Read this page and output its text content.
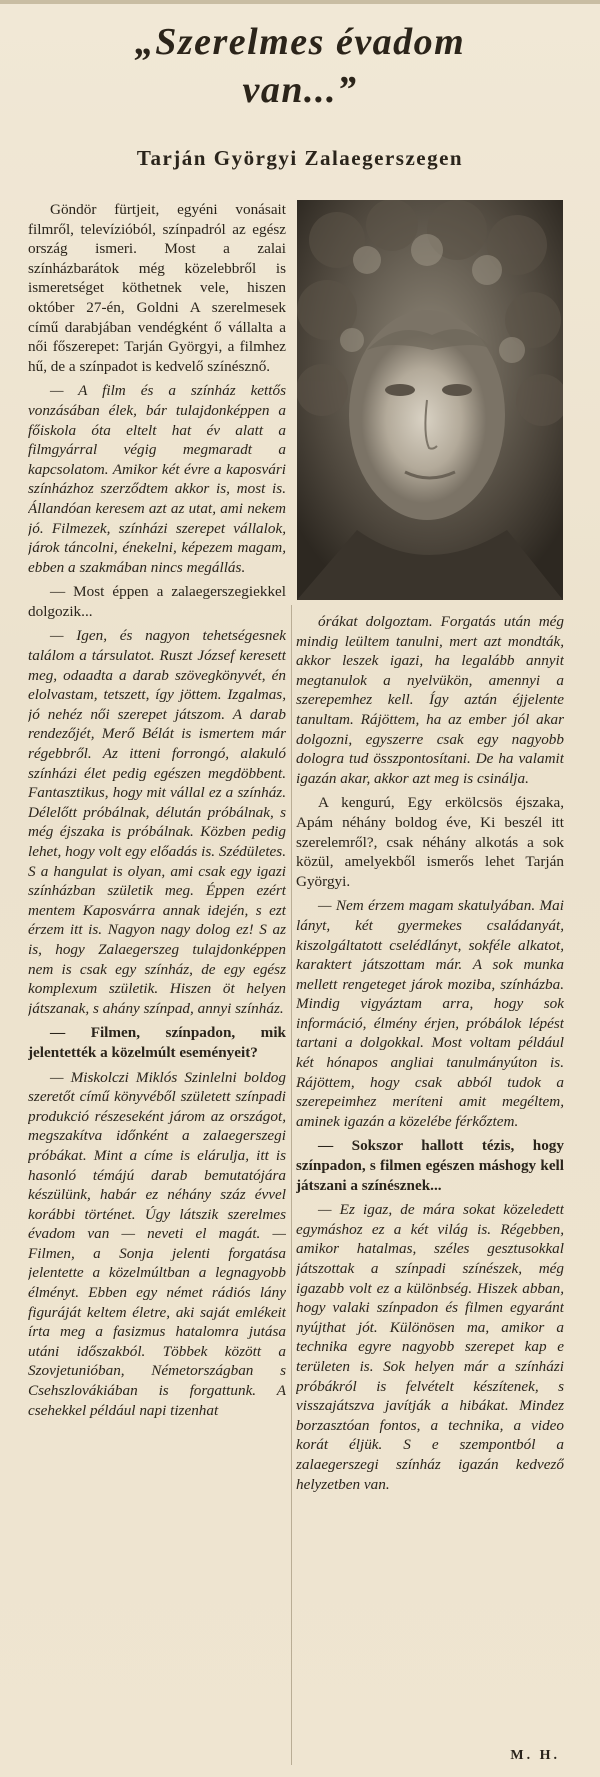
„Szerelmes évadom
van...”
Tarján Györgyi Zalaegerszegen

Göndör fürtjeit, egyéni vonásait filmről, televízióból, színpadról az egész ország ismeri. Most a zalai színházbarátok még közelebbről is ismeretséget köthetnek vele, hiszen október 27-én, Goldni A szerelmesek című darabjában vendégként ő vállalta a női főszerepet: Tarján Györgyi, a filmhez hű, de a színpadot is kedvelő színésznő.

— A film és a színház kettős vonzásában élek, bár tulajdonképpen a főiskola óta eltelt hat év alatt a filmgyárral végig megmaradt a kapcsolatom. Amikor két évre a kaposvári színházhoz szerződtem akkor is, most is. Állandóan keresem azt az utat, ami nekem jó. Filmezek, színházi szerepet vállalok, járok táncolni, énekelni, képezem magam, ebben a szakmában nincs megállás.

— Most éppen a zalaegerszegiekkel dolgozik...

— Igen, és nagyon tehetségesnek találom a társulatot. Ruszt József keresett meg, odaadta a darab szövegkönyvét, én elolvastam, tetszett, így jöttem. Izgalmas, jó nehéz női szerepet játszom. A darab rendezőjét, Merő Bélát is ismertem már régebbről. Az itteni forrongó, alakuló színházi élet pedig egészen megdöbbent. Fantasztikus, hogy mit vállal ez a színház. Délelőtt próbálnak, délután próbálnak, s még éjszaka is próbálnak. Közben pedig lehet, hogy volt egy előadás is. Szédületes. S a hangulat is olyan, ami csak egy igazi színházban születik meg. Éppen ezért mentem Kaposvárra annak idején, s ezt érzem itt is. Nagyon nagy dolog ez! S az is, hogy Zalaegerszeg tulajdonképpen nem is csak egy színház, de egy egész komplexum születik. Hiszen öt helyen játszanak, s ahány színpad, annyi színház.

— Filmen, színpadon, mik jelentették a közelmúlt eseményeit?

— Miskolczi Miklós Szinlelni boldog szeretőt című könyvéből született színpadi produkció részeseként járom az országot, megszakítva időnként a zalaegerszegi próbákat. Mint a címe is elárulja, itt is hasonló témájú darab bemutatójára készülünk, habár ez néhány száz évvel korábbi történet. Úgy látszik szerelmes évadom van — neveti el magát. — Filmen, a Sonja jelenti forgatása jelentette a közelmúltban a legnagyobb élményt. Ebben egy német rádiós lány figuráját keltem életre, aki saját emlékeit írta meg a fasizmus hatalomra jutása utáni időszakból. Többek között a Szovjetunióban, Németországban s Csehszlovákiában is forgattunk. A csehekkel például napi tizenhat

órákat dolgoztam. Forgatás után még mindig leültem tanulni, mert azt mondták, akkor leszek igazi, ha legalább annyit megtanulok a nyelvükön, amennyi a szerepemhez kell. Így aztán éjjelente tanultam. Rájöttem, ha az ember jól akar dolgozni, egyszerre csak egy nagyobb dologra tud összpontosítani. De ha valamit igazán akar, akkor azt meg is csinálja.

A kengurú, Egy erkölcsös éjszaka, Apám néhány boldog éve, Ki beszél itt szerelemről?, csak néhány alkotás a sok közül, amelyekből ismerős lehet Tarján Györgyi.

— Nem érzem magam skatulyában. Mai lányt, két gyermekes családanyát, kiszolgáltatott cselédlányt, sokféle alkatot, karaktert játszottam már. A sok munka mellett rengeteget járok moziba, színházba. Mindig vigyáztam arra, hogy sok információ, élmény érjen, próbálok lépést tartani a dolgokkal. Most voltam például két hónapos angliai tanulmányúton is. Rájöttem, hogy csak abból tudok a szerepeimhez meríteni amit megéltem, aminek igazán a közelébe férkőztem.

— Sokszor hallott tézis, hogy színpadon, s filmen egészen máshogy kell játszani a színésznek...

— Ez igaz, de mára sokat közeledett egymáshoz ez a két világ is. Régebben, amikor hatalmas, széles gesztusokkal játszottak a színpadi színészek, még igazabb volt ez a különbség. Hiszek abban, hogy valaki színpadon és filmen egyaránt nyújthat jót. Különösen ma, amikor a technika egyre nagyobb szerepet kap e területen is. Sok helyen már a színházi próbákról is felvételt készítenek, s visszajátszva javítják a hibákat. Mindez borzasztóan fontos, a technika, a video korát éljük. S e szempontból a zalaegerszegi színház igazán kedvező helyzetben van.

M. H.
